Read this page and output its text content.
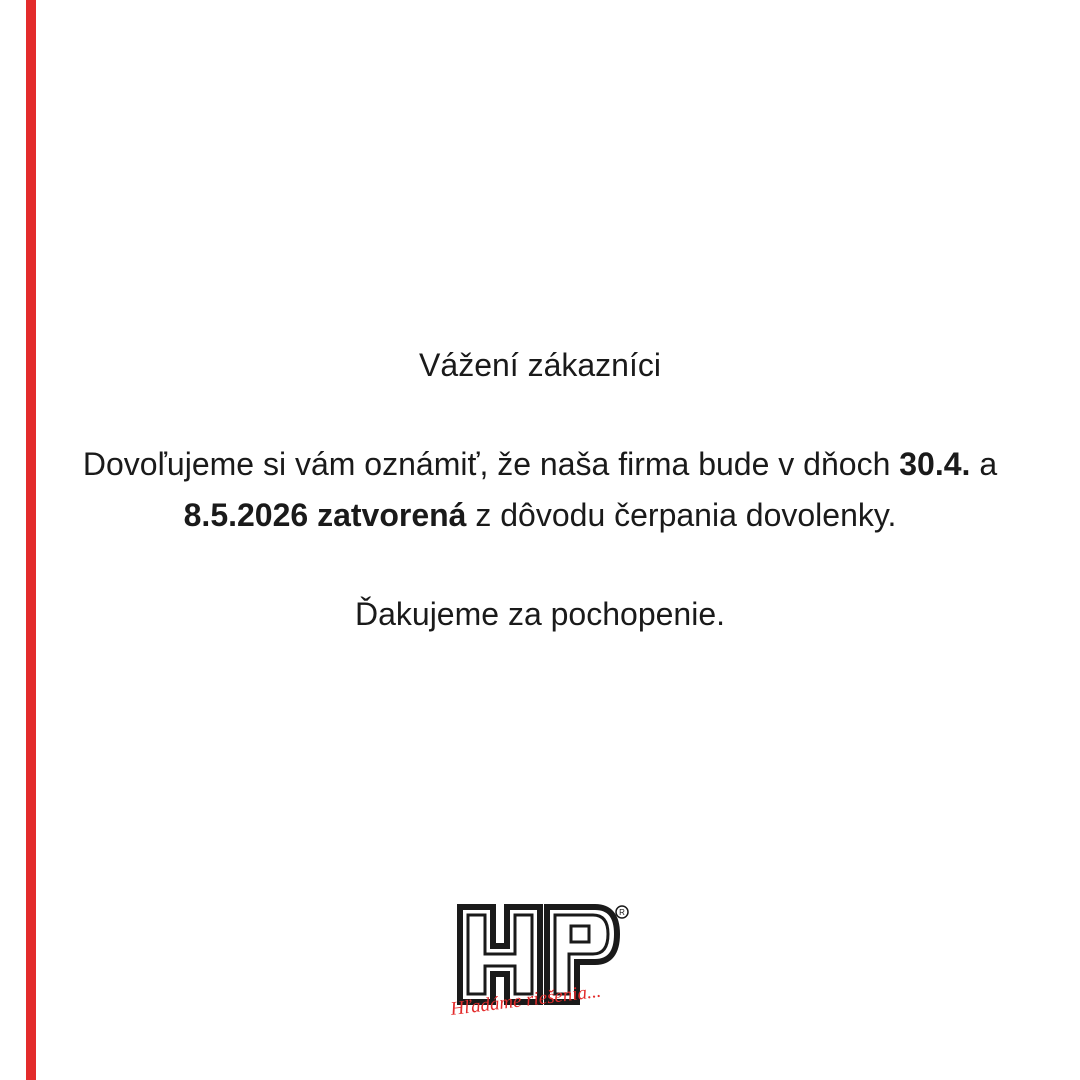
Vážení zákazníci

Dovoľujeme si vám oznámiť, že naša firma bude v dňoch 30.4. a 8.5.2026 zatvorená z dôvodu čerpania dovolenky.

Ďakujeme za pochopenie.

R
Hľadáme riešenia...
